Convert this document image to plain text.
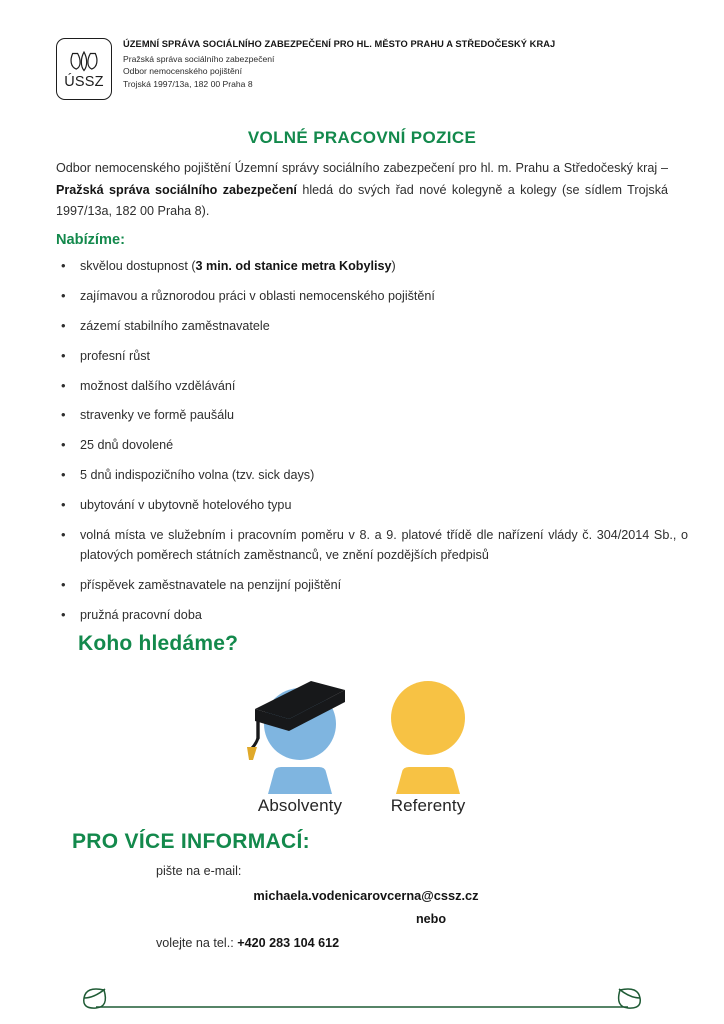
ÚSSZ
ÚZEMNÍ SPRÁVA SOCIÁLNÍHO ZABEZPEČENÍ PRO HL. MĚSTO PRAHU A STŘEDOČESKÝ KRAJ
Pražská správa sociálního zabezpečení
Odbor nemocenského pojištění
Trojská 1997/13a, 182 00 Praha 8
VOLNÉ PRACOVNÍ POZICE
Odbor nemocenského pojištění Územní správy sociálního zabezpečení pro hl. m. Prahu a Středočeský kraj – Pražská správa sociálního zabezpečení hledá do svých řad nové kolegyně a kolegy (se sídlem Trojská 1997/13a, 182 00 Praha 8).
Nabízíme:
• skvělou dostupnost (3 min. od stanice metra Kobylisy)
• zajímavou a různorodou práci v oblasti nemocenského pojištění
• zázemí stabilního zaměstnavatele
• profesní růst
• možnost dalšího vzdělávání
• stravenky ve formě paušálu
• 25 dnů dovolené
• 5 dnů indispozičního volna (tzv. sick days)
• ubytování v ubytovně hotelového typu
• volná místa ve služebním i pracovním poměru v 8. a 9. platové třídě dle nařízení vlády č. 304/2014 Sb., o platových poměrech státních zaměstnanců, ve znění pozdějších předpisů
• příspěvek zaměstnavatele na penzijní pojištění
• pružná pracovní doba
Koho hledáme?
Absolventy	Referenty
PRO VÍCE INFORMACÍ:
pište na e-mail:
michaela.vodenicarovcerna@cssz.cz
nebo
volejte na tel.: +420 283 104 612
